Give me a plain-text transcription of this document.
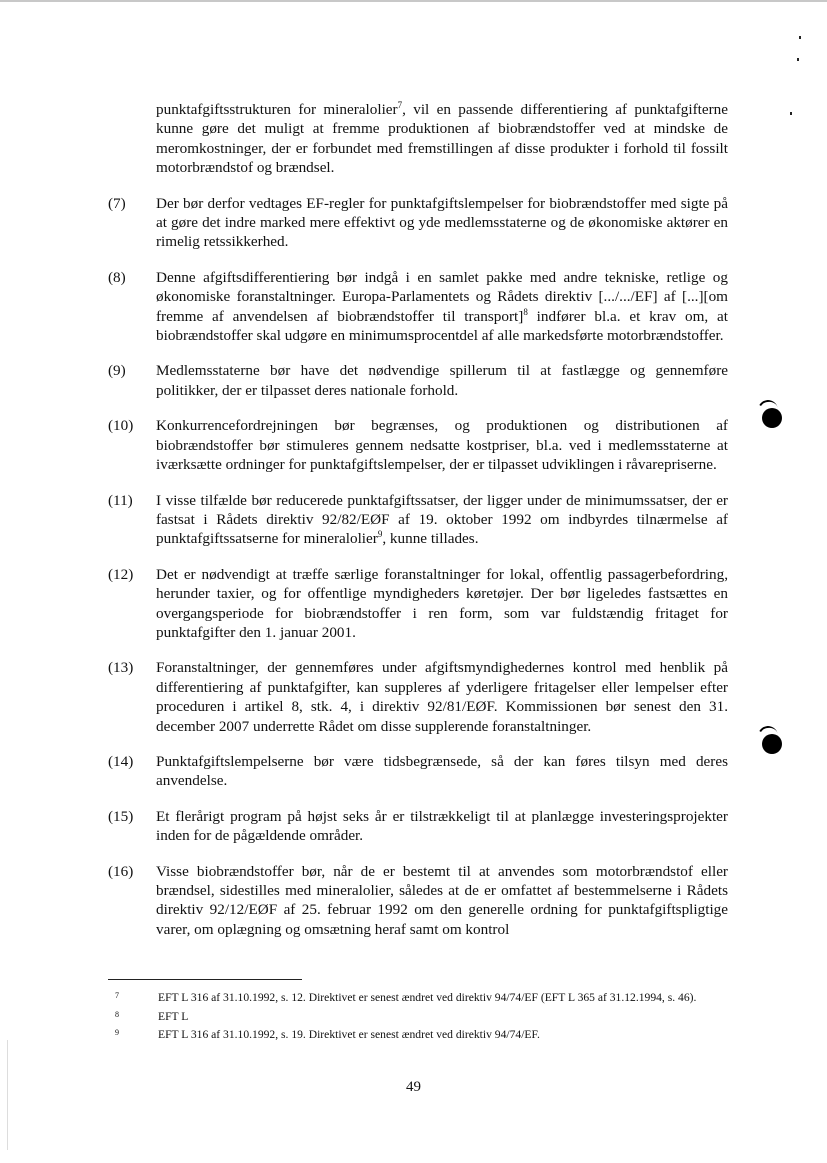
punktafgiftsstrukturen for mineralolier$^7$, vil en passende differentiering af punktafgifterne kunne gøre det muligt at fremme produktionen af biobrændstoffer ved at mindske de meromkostninger, der er forbundet med fremstillingen af disse produkter i forhold til fossilt motorbrændstof og brændsel.
(7)	Der bør derfor vedtages EF-regler for punktafgiftslempelser for biobrændstoffer med sigte på at gøre det indre marked mere effektivt og yde medlemsstaterne og de økonomiske aktører en rimelig retssikkerhed.
(8)	Denne afgiftsdifferentiering bør indgå i en samlet pakke med andre tekniske, retlige og økonomiske foranstaltninger. Europa-Parlamentets og Rådets direktiv [.../.../EF] af [...][om fremme af anvendelsen af biobrændstoffer til transport]$^8$ indfører bl.a. et krav om, at biobrændstoffer skal udgøre en minimumsprocentdel af alle markedsførte motorbrændstoffer.
(9)	Medlemsstaterne bør have det nødvendige spillerum til at fastlægge og gennemføre politikker, der er tilpasset deres nationale forhold.
(10)	Konkurrencefordrejningen bør begrænses, og produktionen og distributionen af biobrændstoffer bør stimuleres gennem nedsatte kostpriser, bl.a. ved i medlemsstaterne at iværksætte ordninger for punktafgiftslempelser, der er tilpasset udviklingen i råvarepriserne.
(11)	I visse tilfælde bør reducerede punktafgiftssatser, der ligger under de minimumssatser, der er fastsat i Rådets direktiv 92/82/EØF af 19. oktober 1992 om indbyrdes tilnærmelse af punktafgiftssatserne for mineralolier$^9$, kunne tillades.
(12)	Det er nødvendigt at træffe særlige foranstaltninger for lokal, offentlig passagerbefordring, herunder taxier, og for offentlige myndigheders køretøjer. Der bør ligeledes fastsættes en overgangsperiode for biobrændstoffer i ren form, som var fuldstændig fritaget for punktafgifter den 1. januar 2001.
(13)	Foranstaltninger, der gennemføres under afgiftsmyndighedernes kontrol med henblik på differentiering af punktafgifter, kan suppleres af yderligere fritagelser eller lempelser efter proceduren i artikel 8, stk. 4, i direktiv 92/81/EØF. Kommissionen bør senest den 31. december 2007 underrette Rådet om disse supplerende foranstaltninger.
(14)	Punktafgiftslempelserne bør være tidsbegrænsede, så der kan føres tilsyn med deres anvendelse.
(15)	Et flerårigt program på højst seks år er tilstrækkeligt til at planlægge investeringsprojekter inden for de pågældende områder.
(16)	Visse biobrændstoffer bør, når de er bestemt til at anvendes som motorbrændstof eller brændsel, sidestilles med mineralolier, således at de er omfattet af bestemmelserne i Rådets direktiv 92/12/EØF af 25. februar 1992 om den generelle ordning for punktafgiftspligtige varer, om oplægning og omsætning heraf samt om kontrol
7	EFT L 316 af 31.10.1992, s. 12. Direktivet er senest ændret ved direktiv 94/74/EF (EFT L 365 af 31.12.1994, s. 46).
8	EFT L
9	EFT L 316 af 31.10.1992, s. 19. Direktivet er senest ændret ved direktiv 94/74/EF.
49
